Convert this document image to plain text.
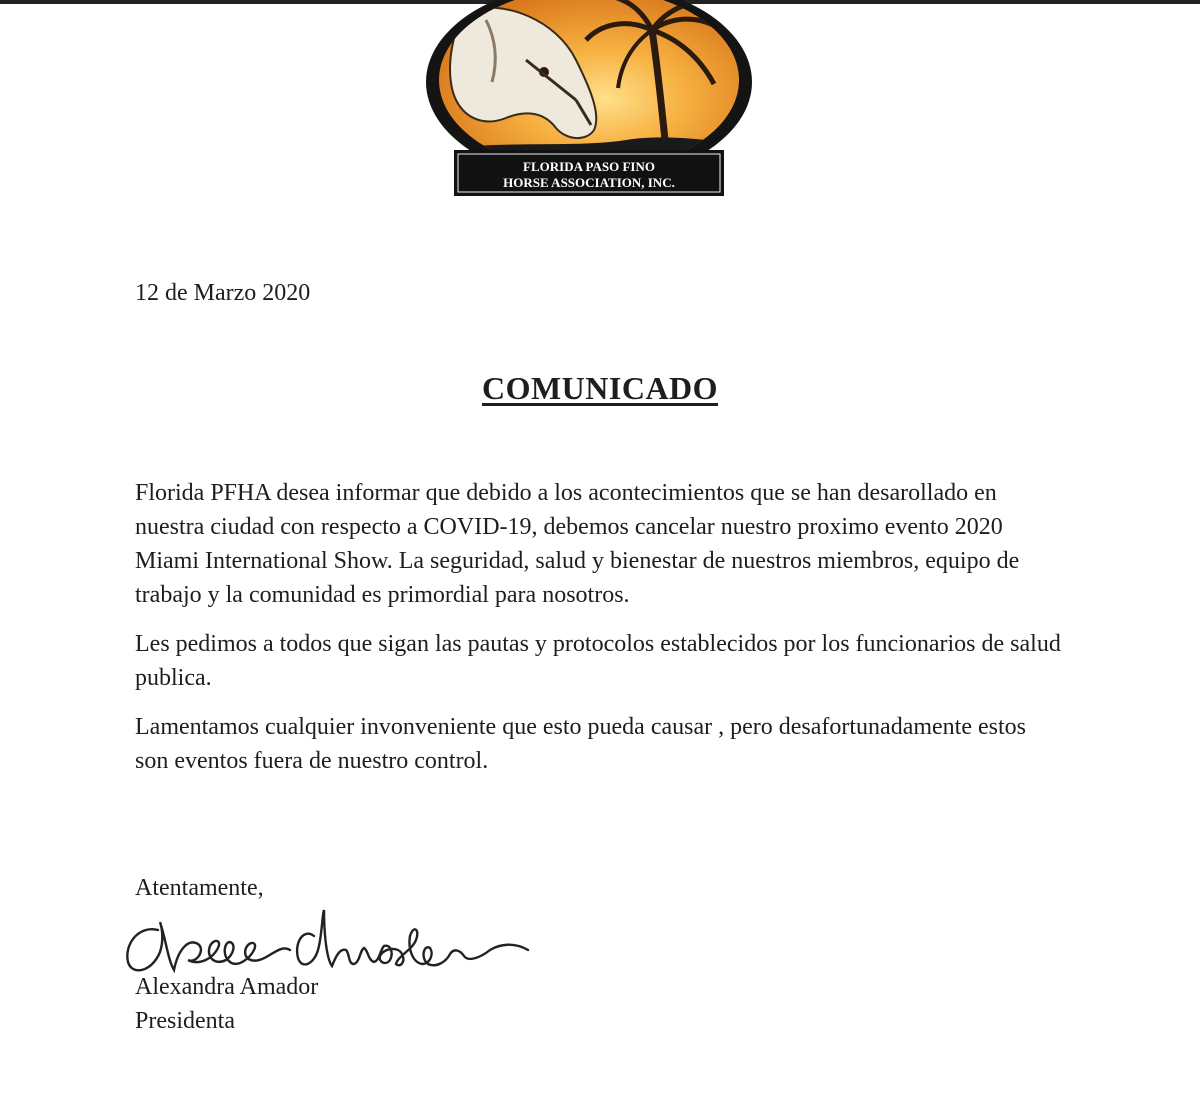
FLORIDA PASO FINO
HORSE ASSOCIATION, INC.
12 de Marzo 2020
COMUNICADO

Florida PFHA desea informar que debido a los acontecimientos que se han desarollado en nuestra ciudad con respecto a COVID-19, debemos cancelar nuestro proximo evento 2020 Miami International Show. La seguridad, salud y bienestar de nuestros miembros, equipo de trabajo y la comunidad es primordial para nosotros.

Les pedimos a todos que sigan las pautas y protocolos establecidos por los funcionarios de salud publica.

Lamentamos cualquier invonveniente que esto pueda causar , pero desafortunadamente estos son eventos fuera de nuestro control.

Atentamente,
Alexandra Amador
Presidenta
